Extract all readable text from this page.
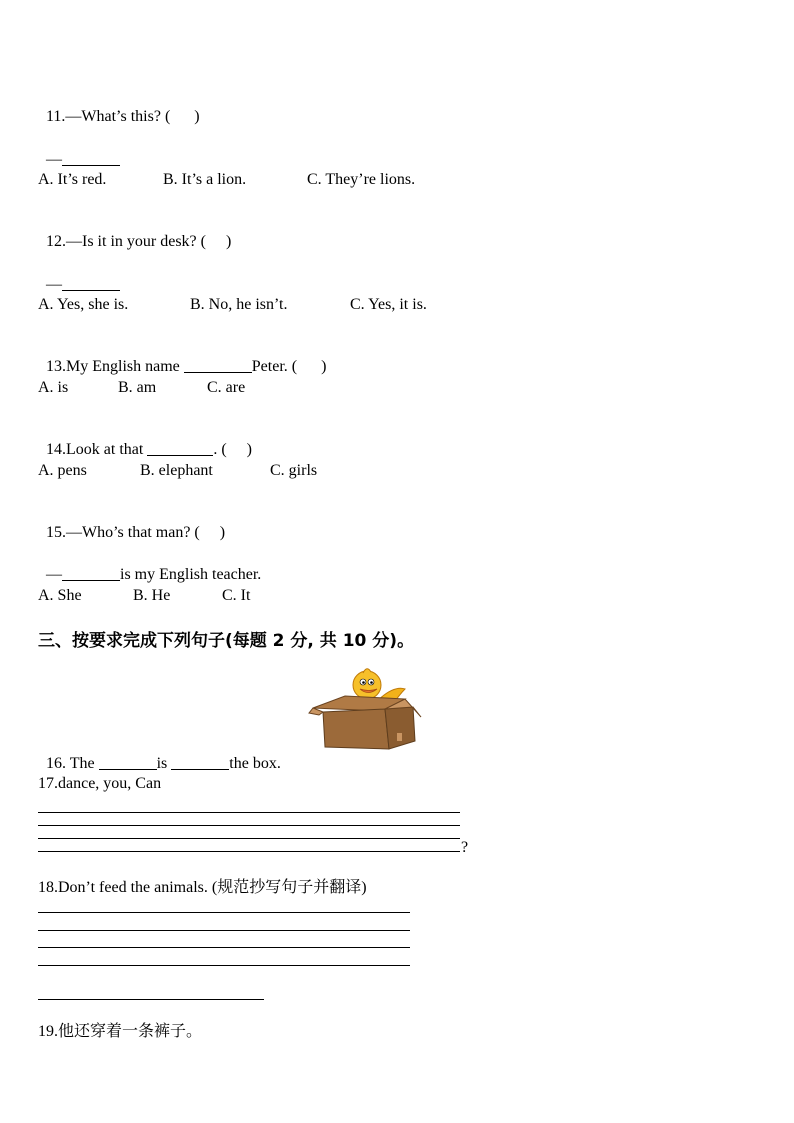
11.—What’s this? ( )

—

A. It’s red.	B. It’s a lion.	C. They’re lions.

12.—Is it in your desk? ( )

—

A. Yes, she is.	B. No, he isn’t.	C. Yes, it is.

13.My English name	Peter. ( )

A. is	B. am	C. are

14.Look at that	. ( )

A. pens	B. elephant	C. girls

15.—Who’s that man? ( )

—	is my English teacher.

A. She	B. He	C. It
三、按要求完成下列句子(每题 2 分, 共 10 分)。

16. The	is	the box.

17.dance, you, Can
?
18.Don’t feed the animals. (规范抄写句子并翻译)
19.他还穿着一条裤子。
